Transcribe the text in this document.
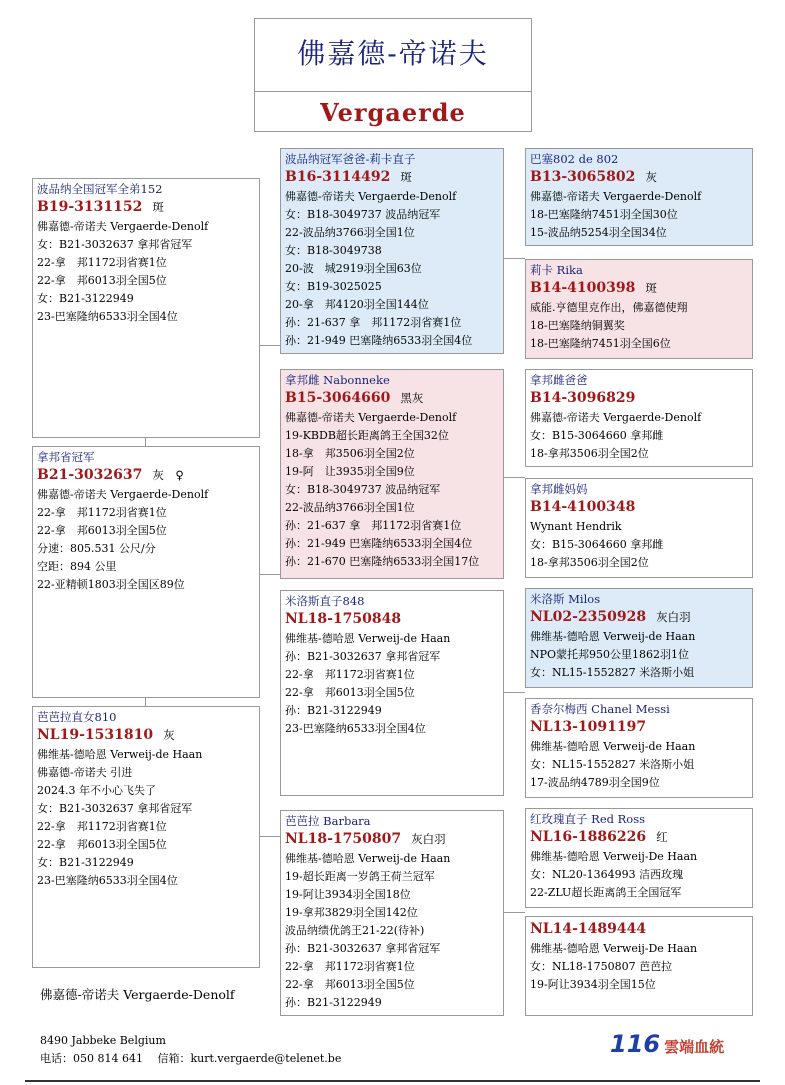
佛嘉德-帝诺夫
Vergaerde
波品纳全国冠军全弟152
B19-3131152 斑
佛嘉德-帝诺夫 Vergaerde-Denolf
女：B21-3032637 拿邦省冠军
22-拿　邦1172羽省赛1位
22-拿　邦6013羽全国5位
女：B21-3122949
23-巴塞隆纳6533羽全国4位
拿邦省冠军
B21-3032637 灰　♀
佛嘉德-帝诺夫 Vergaerde-Denolf
22-拿　邦1172羽省赛1位
22-拿　邦6013羽全国5位
分速：805.531 公尺/分
空距：894 公里
22-亚精顿1803羽全国区89位
芭芭拉直女810
NL19-1531810 灰
佛维基-德哈恩 Verweij-de Haan
佛嘉德-帝诺夫 引进
2024.3 年不小心飞失了
女：B21-3032637 拿邦省冠军
22-拿　邦1172羽省赛1位
22-拿　邦6013羽全国5位
女：B21-3122949
23-巴塞隆纳6533羽全国4位
波品纳冠军爸爸-莉卡直子
B16-3114492 斑
佛嘉德-帝诺夫 Vergaerde-Denolf
女：B18-3049737 波品纳冠军
22-波品纳3766羽全国1位
女：B18-3049738
20-波　城2919羽全国63位
女：B19-3025025
20-拿　邦4120羽全国144位
孙：21-637 拿　邦1172羽省赛1位
孙：21-949 巴塞隆纳6533羽全国4位
拿邦雌 Nabonneke
B15-3064660 黑灰
佛嘉德-帝诺夫 Vergaerde-Denolf
19-KBDB超长距离鸽王全国32位
18-拿　邦3506羽全国2位
19-阿　让3935羽全国9位
女：B18-3049737 波品纳冠军
22-波品纳3766羽全国1位
孙：21-637 拿　邦1172羽省赛1位
孙：21-949 巴塞隆纳6533羽全国4位
孙：21-670 巴塞隆纳6533羽全国17位
米洛斯直子848
NL18-1750848
佛维基-德哈恩 Verweij-de Haan
孙：B21-3032637 拿邦省冠军
22-拿　邦1172羽省赛1位
22-拿　邦6013羽全国5位
孙：B21-3122949
23-巴塞隆纳6533羽全国4位
芭芭拉 Barbara
NL18-1750807 灰白羽
佛维基-德哈恩 Verweij-de Haan
19-超长距离一岁鸽王荷兰冠军
19-阿让3934羽全国18位
19-拿邦3829羽全国142位
波品纳绩优鸽王21-22(待补)
孙：B21-3032637 拿邦省冠军
22-拿　邦1172羽省赛1位
22-拿　邦6013羽全国5位
孙：B21-3122949
巴塞802 de 802
B13-3065802 灰
佛嘉德-帝诺夫 Vergaerde-Denolf
18-巴塞隆纳7451羽全国30位
15-波品纳5254羽全国34位
莉卡 Rika
B14-4100398 斑
威能.亨德里克作出，佛嘉德使翔
18-巴塞隆纳铜翼奖
18-巴塞隆纳7451羽全国6位
拿邦雌爸爸
B14-3096829
佛嘉德-帝诺夫 Vergaerde-Denolf
女：B15-3064660 拿邦雌
18-拿邦3506羽全国2位
拿邦雌妈妈
B14-4100348
Wynant Hendrik
女：B15-3064660 拿邦雌
18-拿邦3506羽全国2位
米洛斯 Milos
NL02-2350928 灰白羽
佛维基-德哈恩 Verweij-de Haan
NPO蒙托邦950公里1862羽1位
女：NL15-1552827 米洛斯小姐
香奈尔梅西 Chanel Messi
NL13-1091197
佛维基-德哈恩 Verweij-de Haan
女：NL15-1552827 米洛斯小姐
17-波品纳4789羽全国9位
红玫瑰直子 Red Ross
NL16-1886226 红
佛维基-德哈恩 Verweij-De Haan
女：NL20-1364993 洁西玫瑰
22-ZLU超长距离鸽王全国冠军
NL14-1489444
佛维基-德哈恩 Verweij-De Haan
女：NL18-1750807 芭芭拉
19-阿让3934羽全国15位
佛嘉德-帝诺夫 Vergaerde-Denolf
8490 Jabbeke Belgium
电话：050 814 641　 信箱：kurt.vergaerde@telenet.be
116 雲端血統
